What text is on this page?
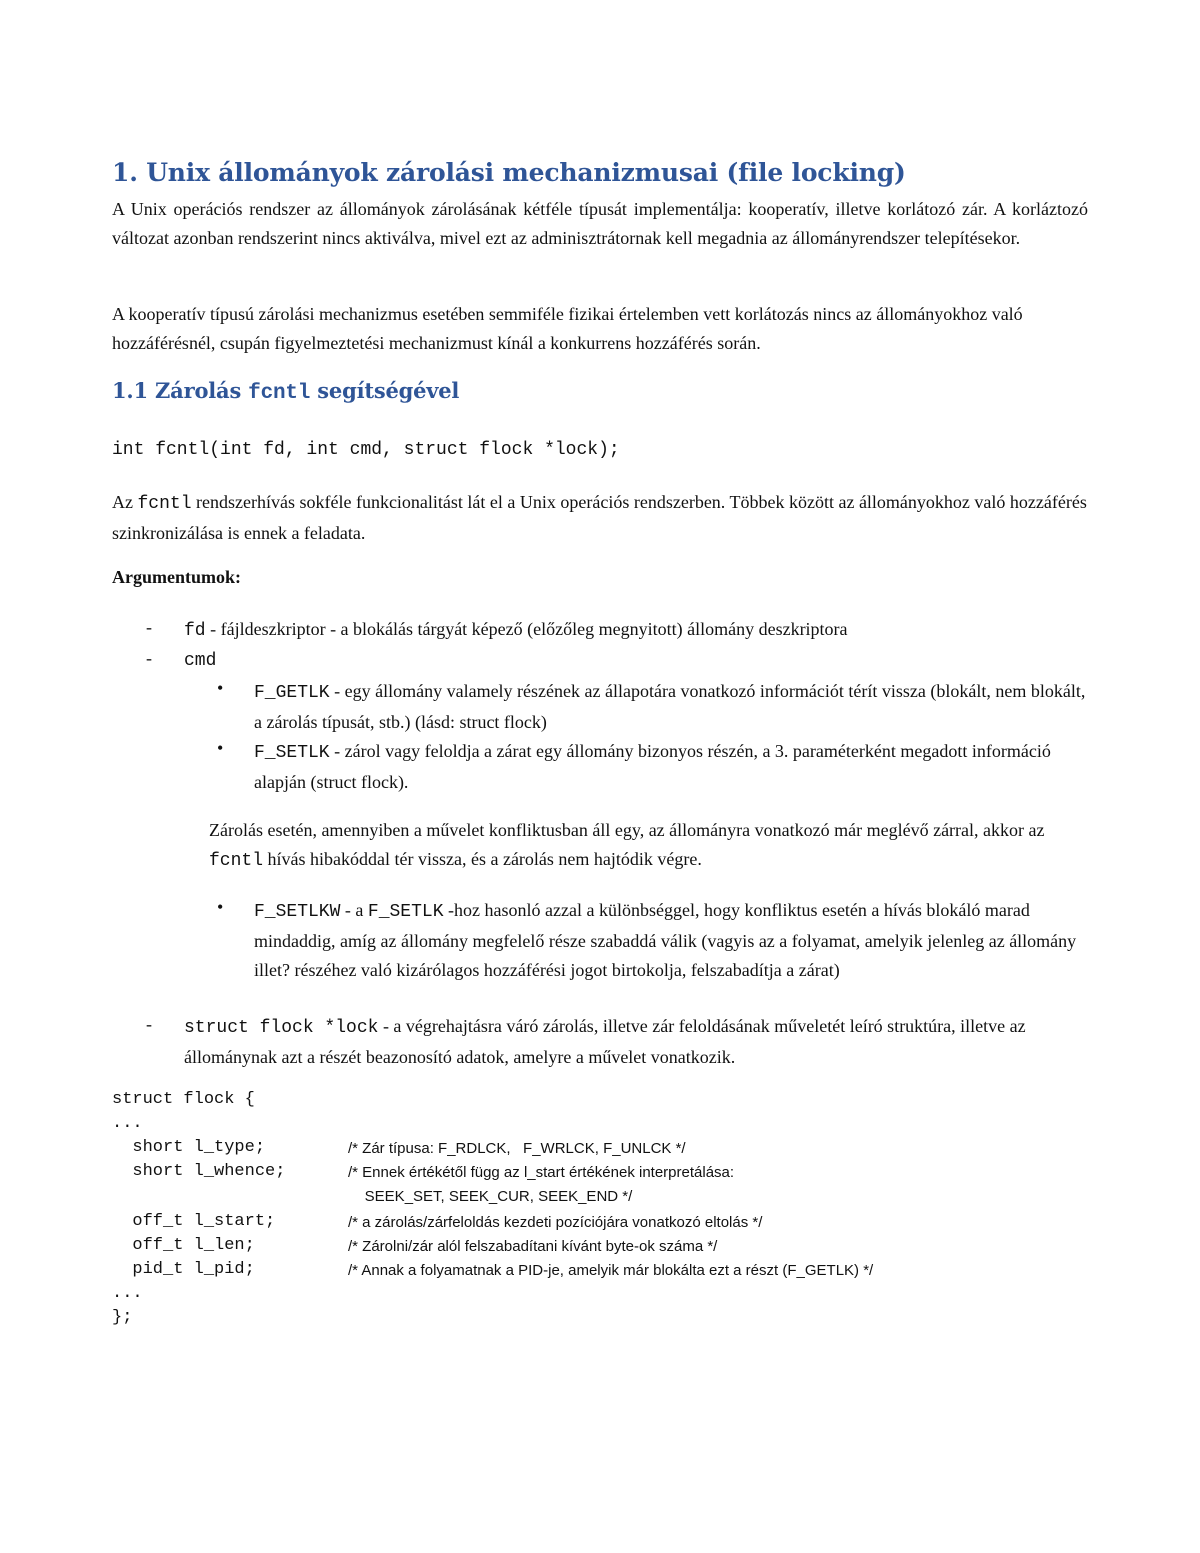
1. Unix állományok zárolási mechanizmusai (file locking)

A Unix operációs rendszer az állományok zárolásának kétféle típusát implementálja: kooperatív, illetve korlátozó zár. A korláztozó változat azonban rendszerint nincs aktiválva, mivel ezt az adminisztrátornak kell megadnia az állományrendszer telepítésekor.

A kooperatív típusú zárolási mechanizmus esetében semmiféle fizikai értelemben vett korlátozás nincs az állományokhoz való hozzáférésnél, csupán figyelmeztetési mechanizmust kínál a konkurrens hozzáférés során.

1.1 Zárolás fcntl segítségével

int fcntl(int fd, int cmd, struct flock *lock);

Az fcntl rendszerhívás sokféle funkcionalitást lát el a Unix operációs rendszerben. Többek között az állományokhoz való hozzáférés szinkronizálása is ennek a feladata.

Argumentumok:

- fd - fájldeszkriptor - a blokálás tárgyát képező (előzőleg megnyitott) állomány deszkriptora

- cmd

• F_GETLK - egy állomány valamely részének az állapotára vonatkozó információt térít vissza (blokált, nem blokált, a zárolás típusát, stb.) (lásd: struct flock)

• F_SETLK - zárol vagy feloldja a zárat egy állomány bizonyos részén, a 3. paraméterként megadott információ alapján (struct flock).

Zárolás esetén, amennyiben a művelet konfliktusban áll egy, az állományra vonatkozó már meglévő zárral, akkor az fcntl hívás hibakóddal tér vissza, és a zárolás nem hajtódik végre.

• F_SETLKW - a F_SETLK -hoz hasonló azzal a különbséggel, hogy konfliktus esetén a hívás blokáló marad mindaddig, amíg az állomány megfelelő része szabaddá válik (vagyis az a folyamat, amelyik jelenleg az állomány illet? részéhez való kizárólagos hozzáférési jogot birtokolja, felszabadítja a zárat)

- struct flock *lock - a végrehajtásra váró zárolás, illetve zár feloldásának műveletét leíró struktúra, illetve az állománynak azt a részét beazonosító adatok, amelyre a művelet vonatkozik.

struct flock {
...
short l_type;	/* Zár típusa: F_RDLCK,   F_WRLCK, F_UNLCK */
short l_whence;	/* Ennek értékétől függ az l_start értékének interpretálása:
SEEK_SET, SEEK_CUR, SEEK_END */
off_t l_start;	/* a zárolás/zárfeloldás kezdeti pozíciójára vonatkozó eltolás */
off_t l_len;	/* Zárolni/zár alól felszabadítani kívánt byte-ok száma */
pid_t l_pid;	/* Annak a folyamatnak a PID-je, amelyik már blokálta ezt a részt (F_GETLK) */
...
};
